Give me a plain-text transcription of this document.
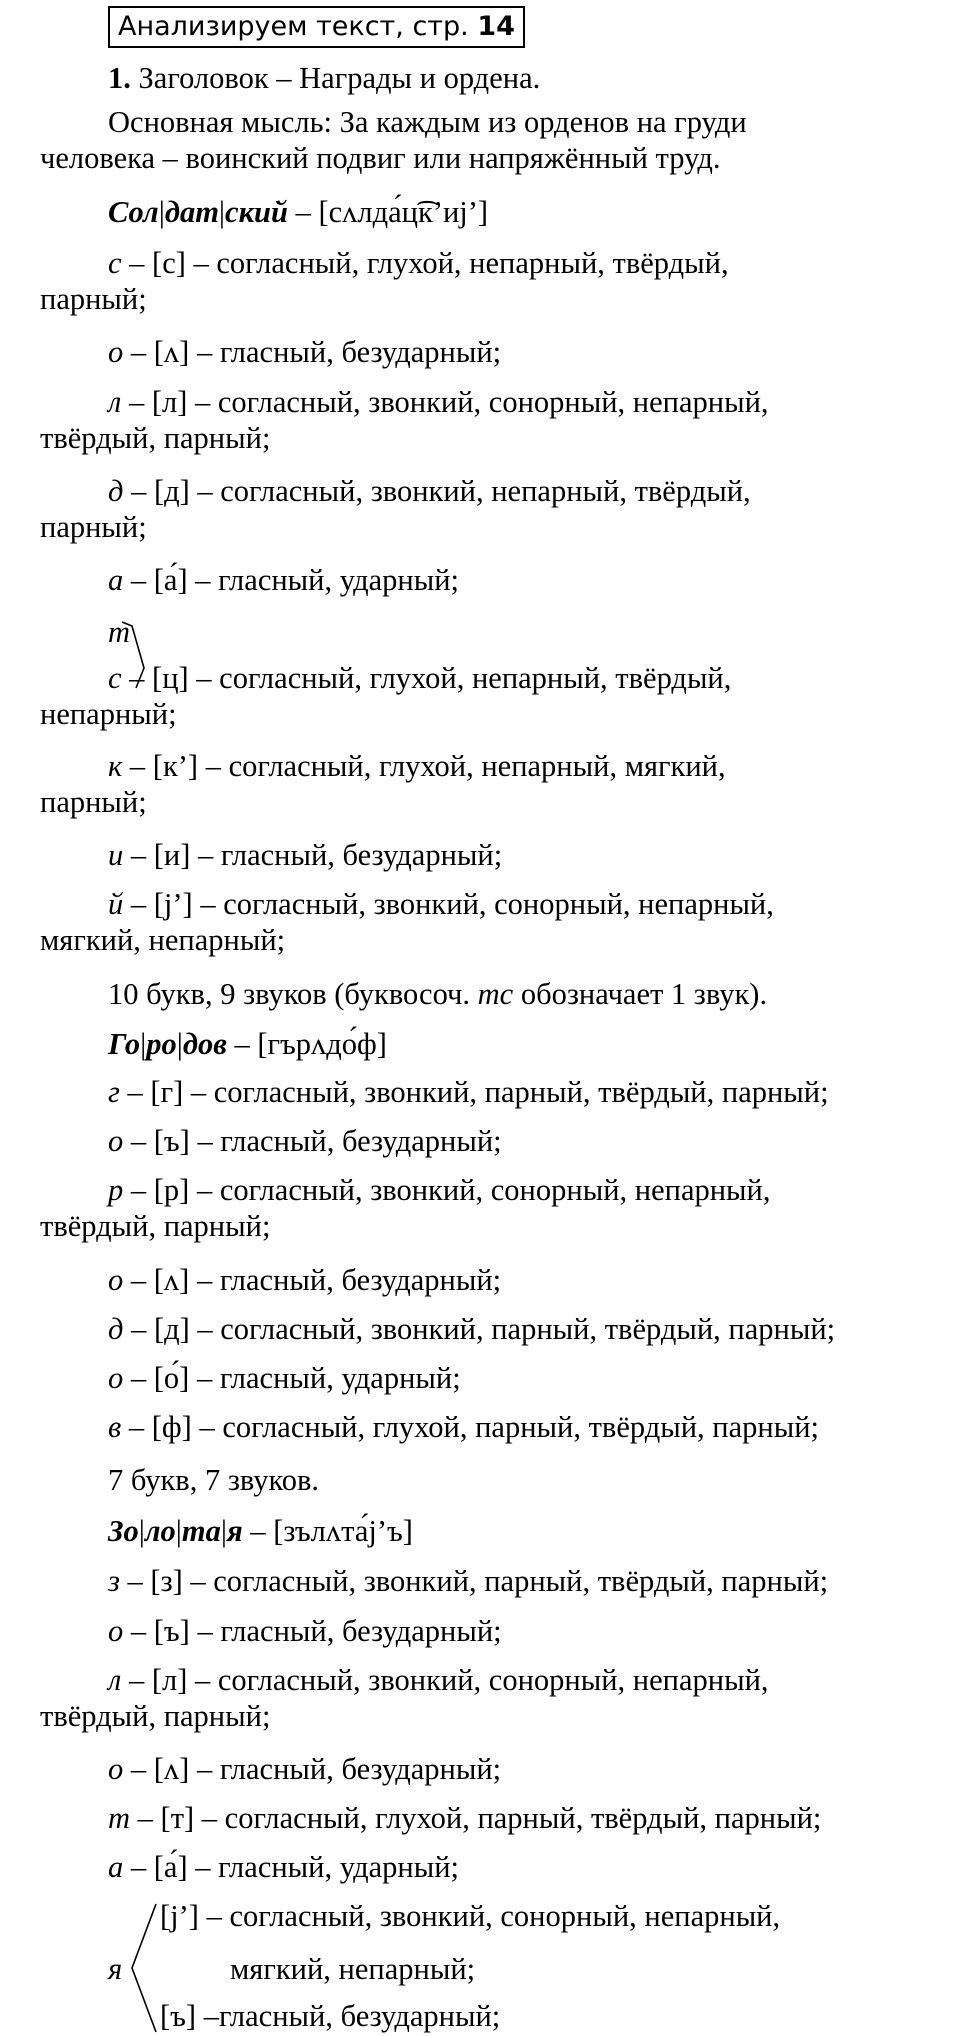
Анализируем текст, стр. 14
1. Заголовок – Награды и ордена.
Основная мысль: За каждым из орденов на груди
человека – воинский подвиг или напряжённый труд.
Сол|дат|ский – [сʌлда́ц͡к’иj’]
с – [с] – согласный, глухой, непарный, твёрдый,
парный;
о – [ʌ] – гласный, безударный;
л – [л] – согласный, звонкий, сонорный, непарный,
твёрдый, парный;
д – [д] – согласный, звонкий, непарный, твёрдый,
парный;
а – [а́] – гласный, ударный;
т
с – [ц] – согласный, глухой, непарный, твёрдый,
непарный;
к – [к’] – согласный, глухой, непарный, мягкий,
парный;
и – [и] – гласный, безударный;
й – [j’] – согласный, звонкий, сонорный, непарный,
мягкий, непарный;
10 букв, 9 звуков (буквосоч. тс обозначает 1 звук).
Го|ро|дов – [гърʌдо́ф]
г – [г] – согласный, звонкий, парный, твёрдый, парный;
о – [ъ] – гласный, безударный;
р – [р] – согласный, звонкий, сонорный, непарный,
твёрдый, парный;
о – [ʌ] – гласный, безударный;
д – [д] – согласный, звонкий, парный, твёрдый, парный;
о – [о́] – гласный, ударный;
в – [ф] – согласный, глухой, парный, твёрдый, парный;
7 букв, 7 звуков.
Зо|ло|та|я – [зълʌта́j’ъ]
з – [з] – согласный, звонкий, парный, твёрдый, парный;
о – [ъ] – гласный, безударный;
л – [л] – согласный, звонкий, сонорный, непарный,
твёрдый, парный;
о – [ʌ] – гласный, безударный;
т – [т] – согласный, глухой, парный, твёрдый, парный;
а – [а́] – гласный, ударный;
я
[j’] – согласный, звонкий, сонорный, непарный,
мягкий, непарный;
[ъ] –гласный, безударный;
